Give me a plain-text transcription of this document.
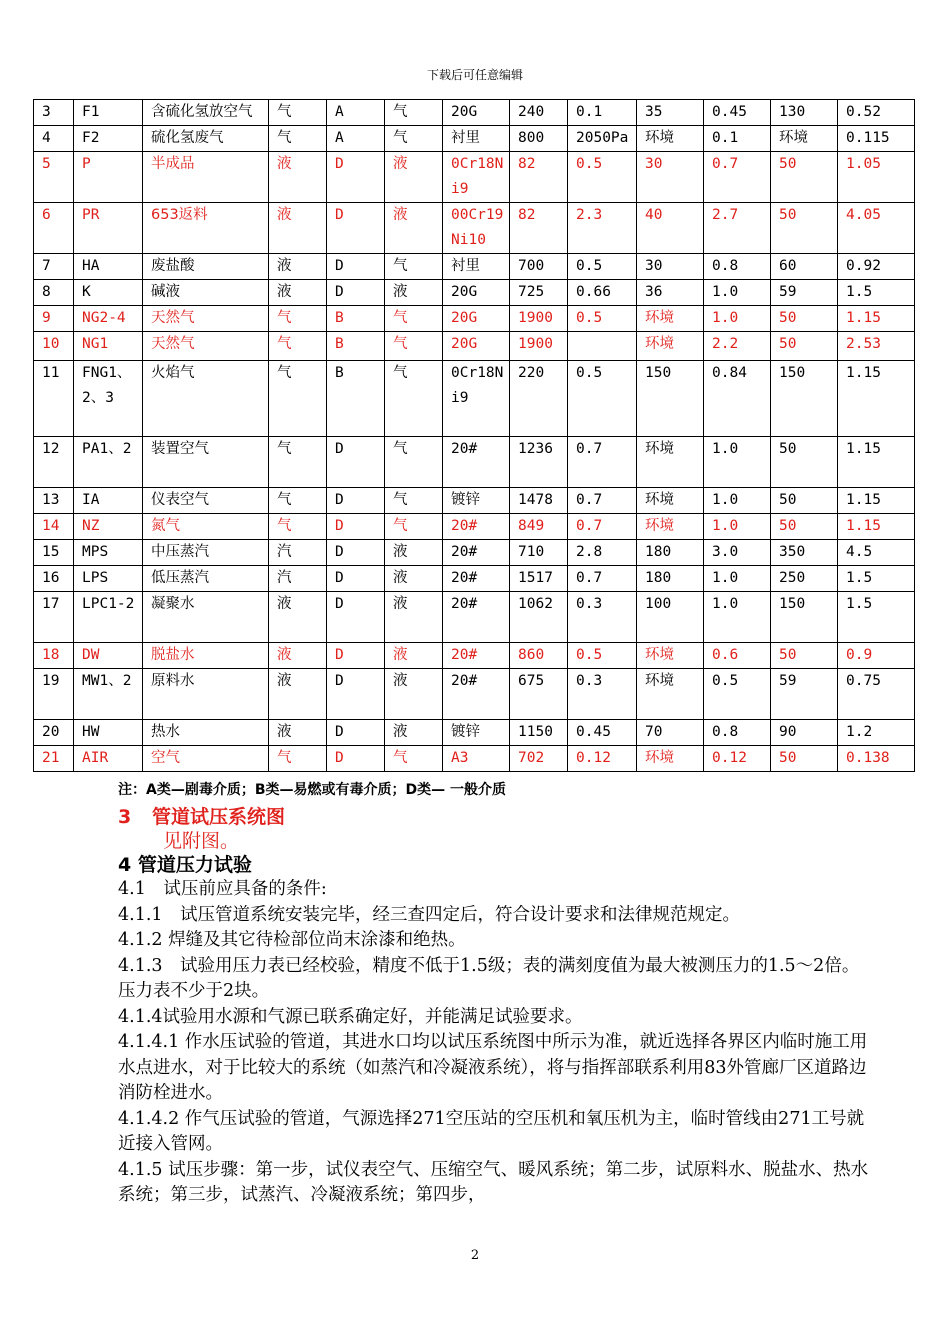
下载后可任意编辑
3	F1	含硫化氢放空气	气	A	气	20G	240	0.1	35	0.45	130	0.52
4	F2	硫化氢废气	气	A	气	衬里	800	2050Pa	环境	0.1	环境	0.115
5	P	半成品	液	D	液	0Cr18Ni9	82	0.5	30	0.7	50	1.05
6	PR	653返料	液	D	液	00Cr19Ni10	82	2.3	40	2.7	50	4.05
7	HA	废盐酸	液	D	气	衬里	700	0.5	30	0.8	60	0.92
8	K	碱液	液	D	液	20G	725	0.66	36	1.0	59	1.5
9	NG2-4	天然气	气	B	气	20G	1900	0.5	环境	1.0	50	1.15
10	NG1	天然气	气	B	气	20G	1900		环境	2.2	50	2.53
11	FNG1、2、3	火焰气	气	B	气	0Cr18Ni9	220	0.5	150	0.84	150	1.15
12	PA1、2	装置空气	气	D	气	20#	1236	0.7	环境	1.0	50	1.15
13	IA	仪表空气	气	D	气	镀锌	1478	0.7	环境	1.0	50	1.15
14	NZ	氮气	气	D	气	20#	849	0.7	环境	1.0	50	1.15
15	MPS	中压蒸汽	汽	D	液	20#	710	2.8	180	3.0	350	4.5
16	LPS	低压蒸汽	汽	D	液	20#	1517	0.7	180	1.0	250	1.5
17	LPC1-2	凝聚水	液	D	液	20#	1062	0.3	100	1.0	150	1.5
18	DW	脱盐水	液	D	液	20#	860	0.5	环境	0.6	50	0.9
19	MW1、2	原料水	液	D	液	20#	675	0.3	环境	0.5	59	0.75
20	HW	热水	液	D	液	镀锌	1150	0.45	70	0.8	90	1.2
21	AIR	空气	气	D	气	A3	702	0.12	环境	0.12	50	0.138
注：A类—剧毒介质；B类—易燃或有毒介质；D类— 一般介质
3 管道试压系统图
见附图。
4 管道压力试验

4.1　试压前应具备的条件:

4.1.1　试压管道系统安装完毕，经三查四定后，符合设计要求和法律规范规定。

4.1.2 焊缝及其它待检部位尚末涂漆和绝热。

4.1.3　试验用压力表已经校验，精度不低于1.5级；表的满刻度值为最大被测压力的1.5～2倍。压力表不少于2块。

4.1.4试验用水源和气源已联系确定好，并能满足试验要求。

4.1.4.1 作水压试验的管道，其进水口均以试压系统图中所示为准，就近选择各界区内临时施工用水点进水，对于比较大的系统（如蒸汽和冷凝液系统），将与指挥部联系利用83外管廊厂区道路边消防栓进水。

4.1.4.2 作气压试验的管道，气源选择271空压站的空压机和氧压机为主，临时管线由271工号就近接入管网。

4.1.5 试压步骤：第一步，试仪表空气、压缩空气、暖风系统；第二步，试原料水、脱盐水、热水系统；第三步，试蒸汽、冷凝液系统；第四步，

2
